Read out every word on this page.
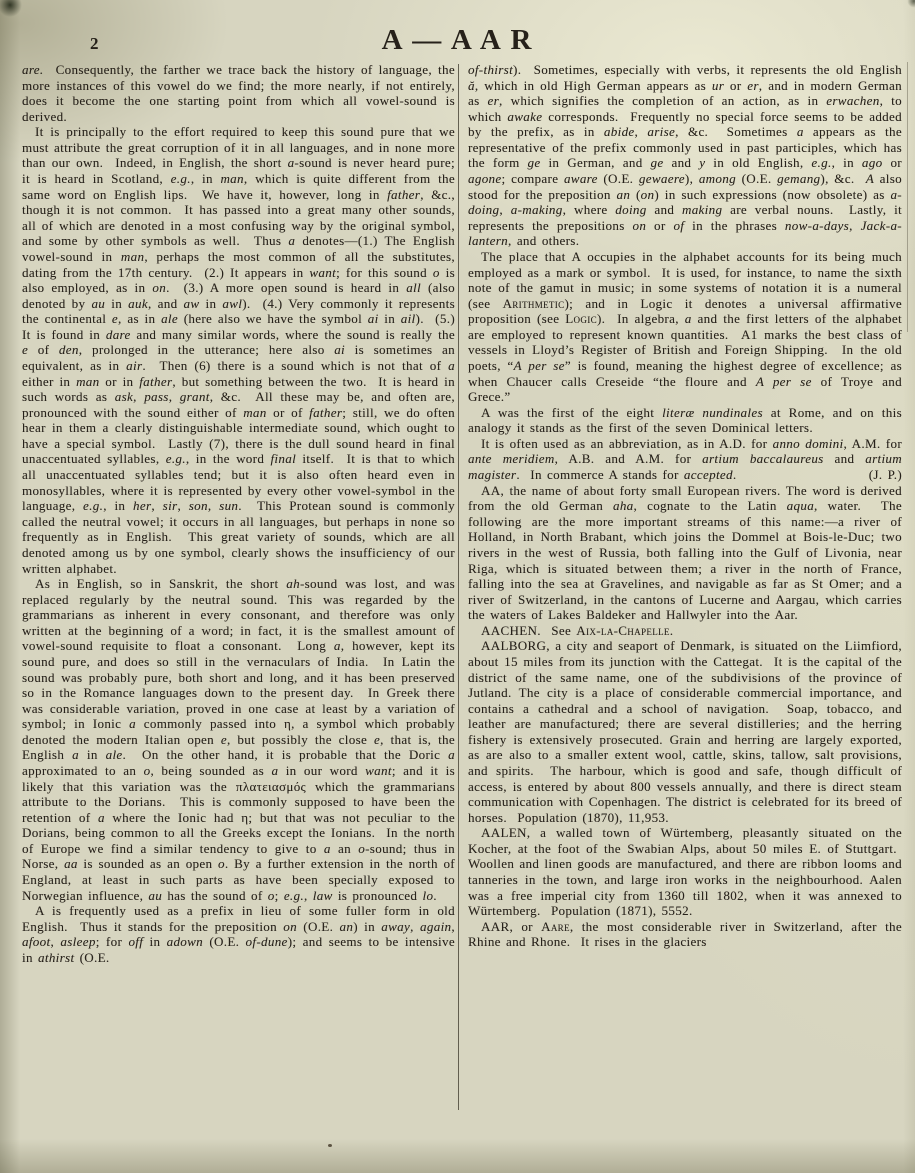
2	A — A A R

are.  Consequently, the farther we trace back the history of language, the more instances of this vowel do we find; the more nearly, if not entirely, does it become the one starting point from which all vowel-sound is derived.

It is principally to the effort required to keep this sound pure that we must attribute the great corruption of it in all languages, and in none more than our own.  Indeed, in English, the short a-sound is never heard pure; it is heard in Scotland, e.g., in man, which is quite different from the same word on English lips.  We have it, however, long in father, &c., though it is not common.  It has passed into a great many other sounds, all of which are denoted in a most confusing way by the original symbol, and some by other symbols as well.  Thus a denotes—(1.) The English vowel-sound in man, perhaps the most common of all the substitutes, dating from the 17th century.  (2.) It appears in want; for this sound o is also employed, as in on.  (3.) A more open sound is heard in all (also denoted by au in auk, and aw in awl).  (4.) Very commonly it represents the continental e, as in ale (here also we have the symbol ai in ail).  (5.) It is found in dare and many similar words, where the sound is really the e of den, prolonged in the utterance; here also ai is sometimes an equivalent, as in air.  Then (6) there is a sound which is not that of a either in man or in father, but something between the two.  It is heard in such words as ask, pass, grant, &c.  All these may be, and often are, pronounced with the sound either of man or of father; still, we do often hear in them a clearly distinguishable intermediate sound, which ought to have a special symbol.  Lastly (7), there is the dull sound heard in final unaccentuated syllables, e.g., in the word final itself.  It is that to which all unaccentuated syllables tend; but it is also often heard even in monosyllables, where it is represented by every other vowel-symbol in the language, e.g., in her, sir, son, sun.  This Protean sound is commonly called the neutral vowel; it occurs in all languages, but perhaps in none so frequently as in English.  This great variety of sounds, which are all denoted among us by one symbol, clearly shows the insufficiency of our written alphabet.

As in English, so in Sanskrit, the short ah-sound was lost, and was replaced regularly by the neutral sound. This was regarded by the grammarians as inherent in every consonant, and therefore was only written at the beginning of a word; in fact, it is the smallest amount of vowel-sound requisite to float a consonant.  Long a, however, kept its sound pure, and does so still in the vernaculars of India.  In Latin the sound was probably pure, both short and long, and it has been preserved so in the Romance languages down to the present day.  In Greek there was considerable variation, proved in one case at least by a variation of symbol; in Ionic a commonly passed into η, a symbol which probably denoted the modern Italian open e, but possibly the close e, that is, the English a in ale.  On the other hand, it is probable that the Doric a approximated to an o, being sounded as a in our word want; and it is likely that this variation was the πλατειασμός which the grammarians attribute to the Dorians.  This is commonly supposed to have been the retention of a where the Ionic had η; but that was not peculiar to the Dorians, being common to all the Greeks except the Ionians.  In the north of Europe we find a similar tendency to give to a an o-sound; thus in Norse, aa is sounded as an open o. By a further extension in the north of England, at least in such parts as have been specially exposed to Norwegian influence, au has the sound of o; e.g., law is pronounced lo.

A is frequently used as a prefix in lieu of some fuller form in old English.  Thus it stands for the preposition on (O.E. an) in away, again, afoot, asleep; for off in adown (O.E. of-dune); and seems to be intensive in athirst (O.E.

of-thirst).  Sometimes, especially with verbs, it represents the old English ă, which in old High German appears as ur or er, and in modern German as er, which signifies the completion of an action, as in erwachen, to which awake corresponds.  Frequently no special force seems to be added by the prefix, as in abide, arise, &c.  Sometimes a appears as the representative of the prefix commonly used in past participles, which has the form ge in German, and ge and y in old English, e.g., in ago or agone; compare aware (O.E. gewaere), among (O.E. gemang), &c.  A also stood for the preposition an (on) in such expressions (now obsolete) as a-doing, a-making, where doing and making are verbal nouns.  Lastly, it represents the prepositions on or of in the phrases now-a-days, Jack-a-lantern, and others.

The place that A occupies in the alphabet accounts for its being much employed as a mark or symbol.  It is used, for instance, to name the sixth note of the gamut in music; in some systems of notation it is a numeral (see Arithmetic); and in Logic it denotes a universal affirmative proposition (see Logic).  In algebra, a and the first letters of the alphabet are employed to represent known quantities.  A1 marks the best class of vessels in Lloyd’s Register of British and Foreign Shipping.  In the old poets, “A per se” is found, meaning the highest degree of excellence; as when Chaucer calls Creseide “the floure and A per se of Troye and Grece.”

A was the first of the eight literæ nundinales at Rome, and on this analogy it stands as the first of the seven Dominical letters.

It is often used as an abbreviation, as in A.D. for anno domini, A.M. for ante meridiem, A.B. and A.M. for artium baccalaureus and artium magister.  In commerce A stands for accepted.	(J. P.)

AA, the name of about forty small European rivers. The word is derived from the old German aha, cognate to the Latin aqua, water.  The following are the more important streams of this name:—a river of Holland, in North Brabant, which joins the Dommel at Bois-le-Duc; two rivers in the west of Russia, both falling into the Gulf of Livonia, near Riga, which is situated between them; a river in the north of France, falling into the sea at Gravelines, and navigable as far as St Omer; and a river of Switzerland, in the cantons of Lucerne and Aargau, which carries the waters of Lakes Baldeker and Hallwyler into the Aar.

AACHEN.  See Aix-la-Chapelle.

AALBORG, a city and seaport of Denmark, is situated on the Liimfiord, about 15 miles from its junction with the Cattegat.  It is the capital of the district of the same name, one of the subdivisions of the province of Jutland. The city is a place of considerable commercial importance, and contains a cathedral and a school of navigation.  Soap, tobacco, and leather are manufactured; there are several distilleries; and the herring fishery is extensively prosecuted. Grain and herring are largely exported, as are also to a smaller extent wool, cattle, skins, tallow, salt provisions, and spirits.  The harbour, which is good and safe, though difficult of access, is entered by about 800 vessels annually, and there is direct steam communication with Copenhagen. The district is celebrated for its breed of horses.  Population (1870), 11,953.

AALEN, a walled town of Würtemberg, pleasantly situated on the Kocher, at the foot of the Swabian Alps, about 50 miles E. of Stuttgart.  Woollen and linen goods are manufactured, and there are ribbon looms and tanneries in the town, and large iron works in the neighbourhood. Aalen was a free imperial city from 1360 till 1802, when it was annexed to Würtemberg.  Population (1871), 5552.

AAR, or Aare, the most considerable river in Switzerland, after the Rhine and Rhone.  It rises in the glaciers
